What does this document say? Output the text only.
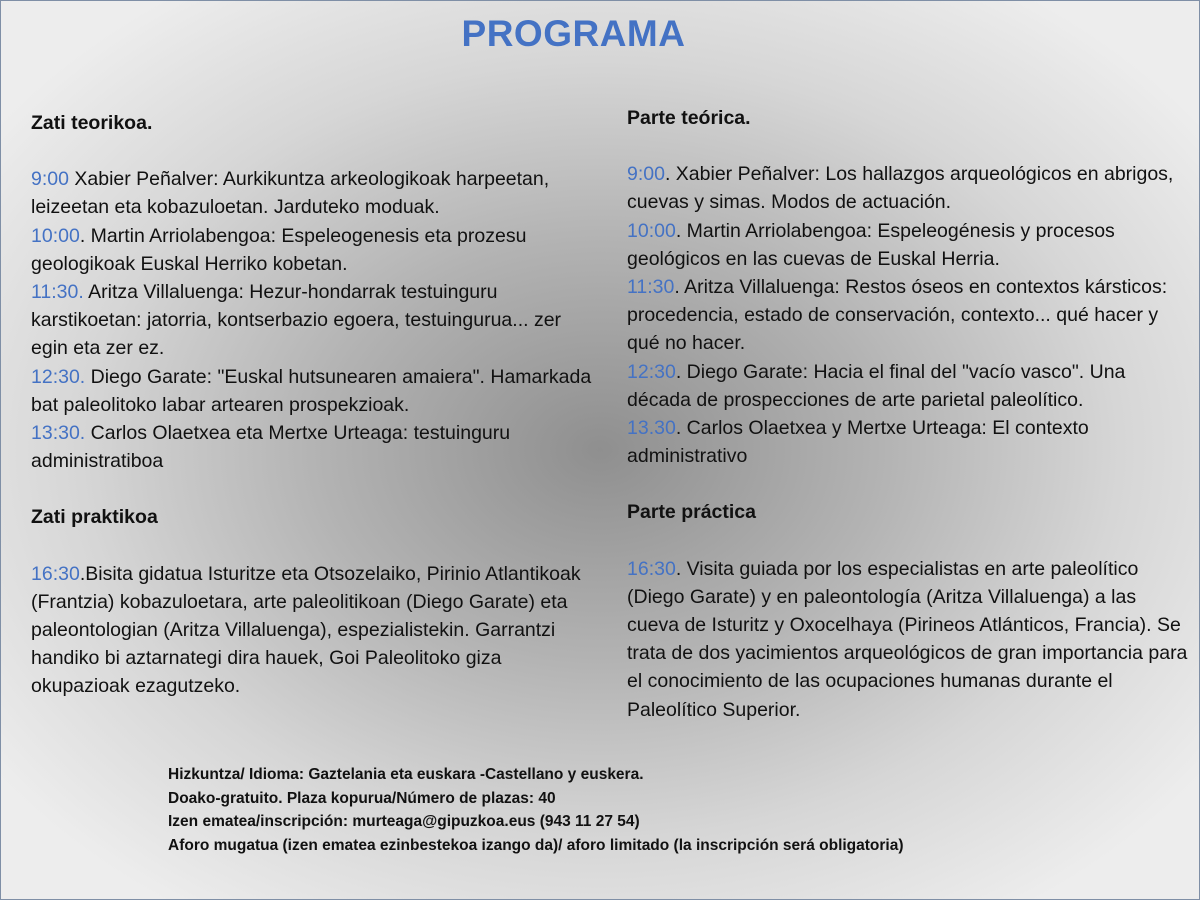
PROGRAMA
Zati teorikoa.

9:00 Xabier Peñalver: Aurkikuntza arkeologikoak harpeetan, leizeetan eta kobazuloetan. Jarduteko moduak.

10:00. Martin Arriolabengoa: Espeleogenesis eta prozesu geologikoak Euskal Herriko kobetan.

11:30. Aritza Villaluenga: Hezur-hondarrak testuinguru karstikoetan: jatorria, kontserbazio egoera, testuingurua... zer egin eta zer ez.

12:30. Diego Garate: "Euskal hutsunearen amaiera". Hamarkada bat paleolitoko labar artearen prospekzioak.

13:30. Carlos Olaetxea eta Mertxe Urteaga: testuinguru administratiboa

Zati praktikoa

16:30.Bisita gidatua Isturitze eta Otsozelaiko, Pirinio Atlantikoak (Frantzia) kobazuloetara, arte paleolitikoan (Diego Garate) eta paleontologian (Aritza Villaluenga), espezialistekin. Garrantzi handiko bi aztarnategi dira hauek, Goi Paleolitoko giza okupazioak ezagutzeko.

Parte teórica.

9:00. Xabier Peñalver: Los hallazgos arqueológicos en abrigos, cuevas y simas. Modos de actuación.

10:00. Martin Arriolabengoa: Espeleogénesis y procesos geológicos en las cuevas de Euskal Herria.

11:30. Aritza Villaluenga: Restos óseos en contextos kársticos: procedencia, estado de conservación, contexto... qué hacer y qué no hacer.

12:30. Diego Garate: Hacia el final del "vacío vasco". Una década de prospecciones de arte parietal paleolítico.

13.30. Carlos Olaetxea y Mertxe Urteaga: El contexto administrativo

Parte práctica

16:30. Visita guiada por los especialistas en arte paleolítico (Diego Garate) y en paleontología (Aritza Villaluenga) a las cueva de Isturitz y Oxocelhaya (Pirineos Atlánticos, Francia). Se trata de dos yacimientos arqueológicos de gran importancia para el conocimiento de las ocupaciones humanas durante el Paleolítico Superior.

Hizkuntza/ Idioma: Gaztelania eta euskara -Castellano y euskera.
Doako-gratuito. Plaza kopurua/Número de plazas: 40
Izen ematea/inscripción: murteaga@gipuzkoa.eus (943 11 27 54)
Aforo mugatua (izen ematea ezinbestekoa izango da)/ aforo limitado (la inscripción será obligatoria)
